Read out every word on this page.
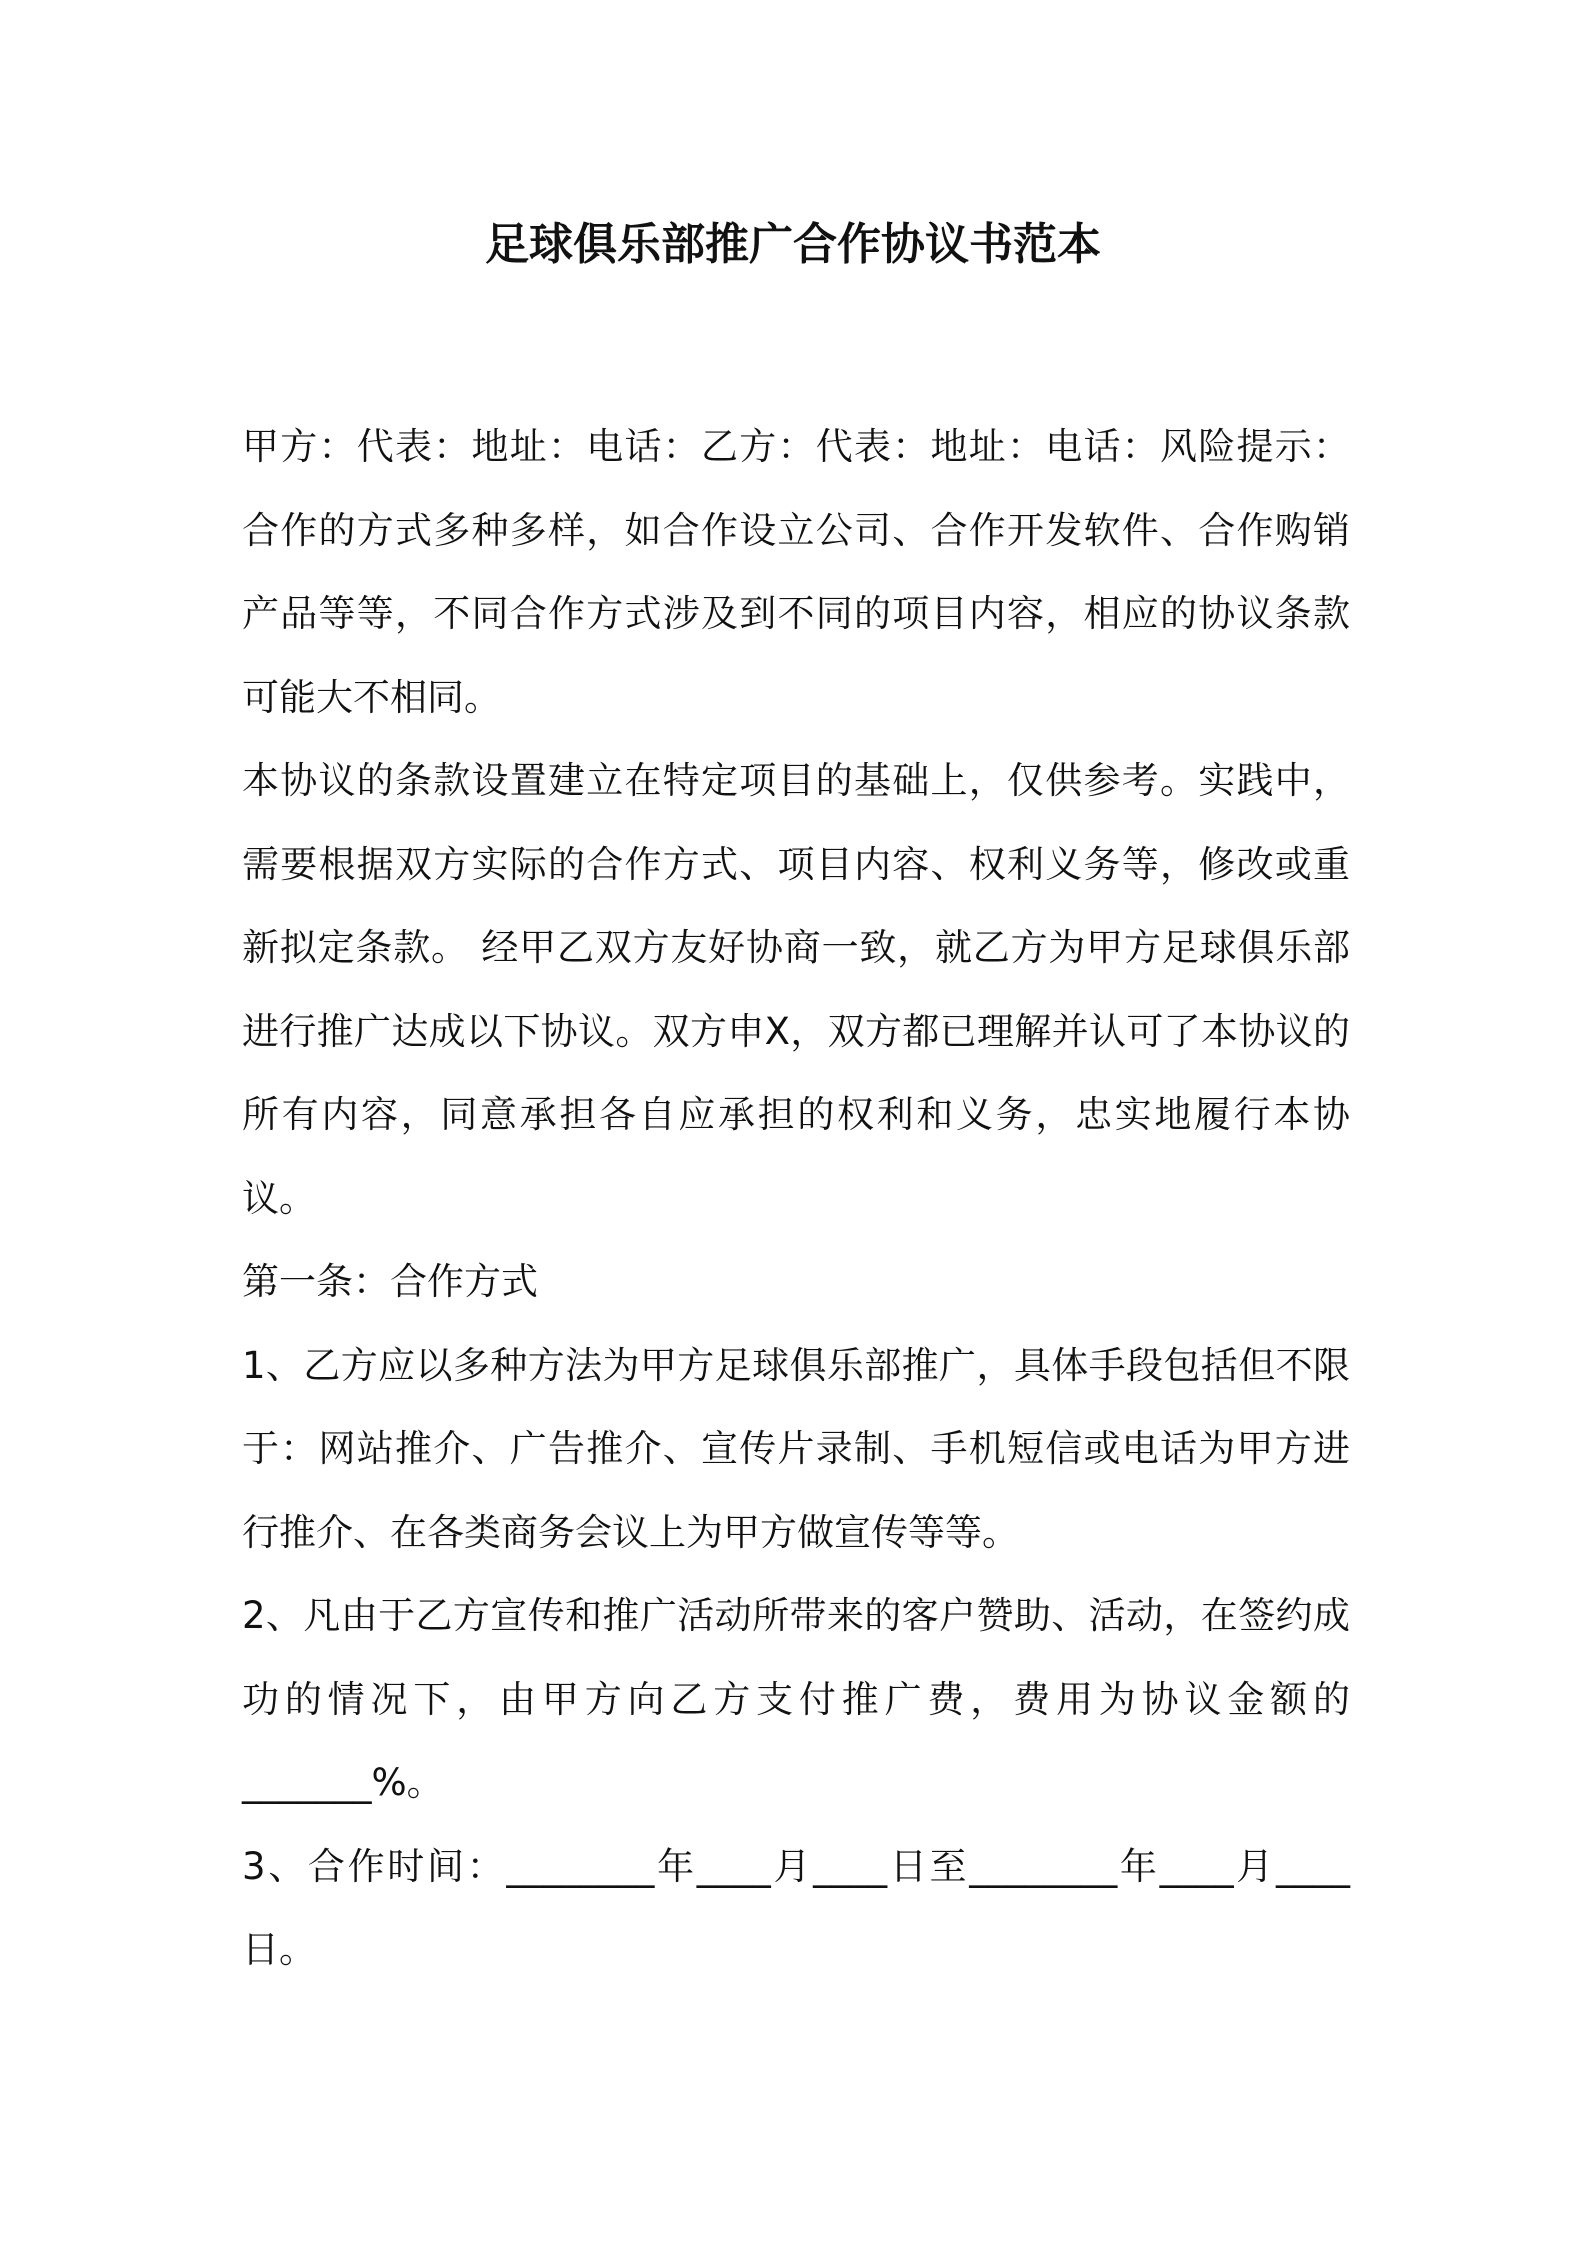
足球俱乐部推广合作协议书范本

甲方：代表：地址：电话：乙方：代表：地址：电话：风险提示：合作的方式多种多样，如合作设立公司、合作开发软件、合作购销产品等等，不同合作方式涉及到不同的项目内容，相应的协议条款可能大不相同。

本协议的条款设置建立在特定项目的基础上，仅供参考。实践中，需要根据双方实际的合作方式、项目内容、权利义务等，修改或重新拟定条款。 经甲乙双方友好协商一致，就乙方为甲方足球俱乐部进行推广达成以下协议。双方申X，双方都已理解并认可了本协议的所有内容，同意承担各自应承担的权利和义务，忠实地履行本协议。

第一条：合作方式

1、乙方应以多种方法为甲方足球俱乐部推广，具体手段包括但不限于：网站推介、广告推介、宣传片录制、手机短信或电话为甲方进行推介、在各类商务会议上为甲方做宣传等等。

2、凡由于乙方宣传和推广活动所带来的客户赞助、活动，在签约成功的情况下，由甲方向乙方支付推广费，费用为协议金额的_______%。

3、合作时间：________年____月____日至________年____月____日。
